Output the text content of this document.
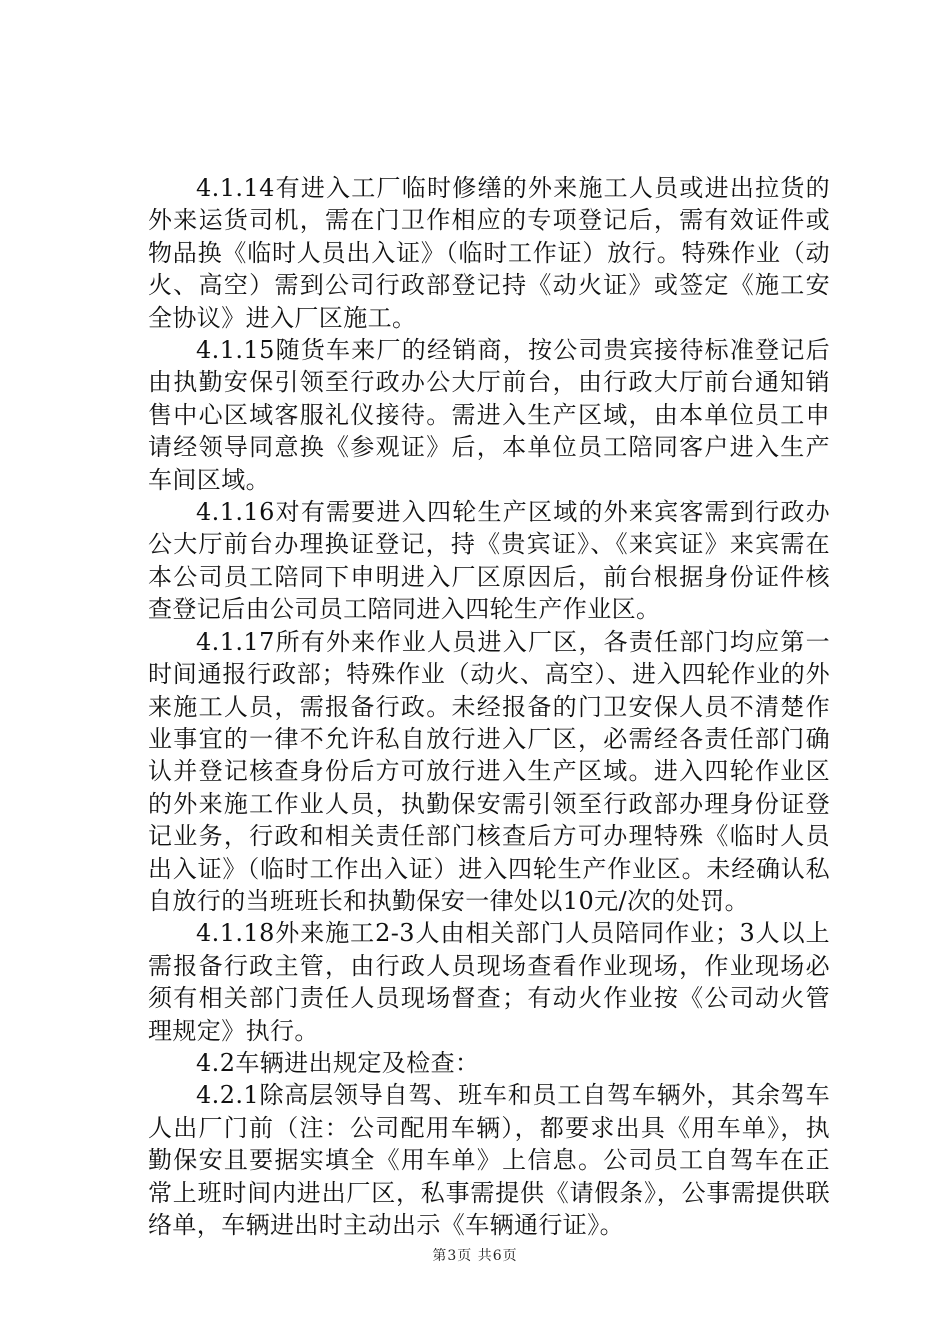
4.1.14有进入工厂临时修缮的外来施工人员或进出拉货的外来运货司机，需在门卫作相应的专项登记后，需有效证件或物品换《临时人员出入证》（临时工作证）放行。特殊作业（动火、高空）需到公司行政部登记持《动火证》或签定《施工安全协议》进入厂区施工。

4.1.15随货车来厂的经销商，按公司贵宾接待标准登记后由执勤安保引领至行政办公大厅前台，由行政大厅前台通知销售中心区域客服礼仪接待。需进入生产区域，由本单位员工申请经领导同意换《参观证》后，本单位员工陪同客户进入生产车间区域。

4.1.16对有需要进入四轮生产区域的外来宾客需到行政办公大厅前台办理换证登记，持《贵宾证》、《来宾证》来宾需在本公司员工陪同下申明进入厂区原因后，前台根据身份证件核查登记后由公司员工陪同进入四轮生产作业区。

4.1.17所有外来作业人员进入厂区，各责任部门均应第一时间通报行政部；特殊作业（动火、高空）、进入四轮作业的外来施工人员，需报备行政。未经报备的门卫安保人员不清楚作业事宜的一律不允许私自放行进入厂区，必需经各责任部门确认并登记核查身份后方可放行进入生产区域。进入四轮作业区的外来施工作业人员，执勤保安需引领至行政部办理身份证登记业务，行政和相关责任部门核查后方可办理特殊《临时人员出入证》（临时工作出入证）进入四轮生产作业区。未经确认私自放行的当班班长和执勤保安一律处以10元/次的处罚。

4.1.18外来施工2-3人由相关部门人员陪同作业；3人以上需报备行政主管，由行政人员现场查看作业现场，作业现场必须有相关部门责任人员现场督查；有动火作业按《公司动火管理规定》执行。

4.2车辆进出规定及检查：

4.2.1除高层领导自驾、班车和员工自驾车辆外，其余驾车人出厂门前（注：公司配用车辆），都要求出具《用车单》，执勤保安且要据实填全《用车单》上信息。公司员工自驾车在正常上班时间内进出厂区，私事需提供《请假条》，公事需提供联络单，车辆进出时主动出示《车辆通行证》。

第3页 共6页
